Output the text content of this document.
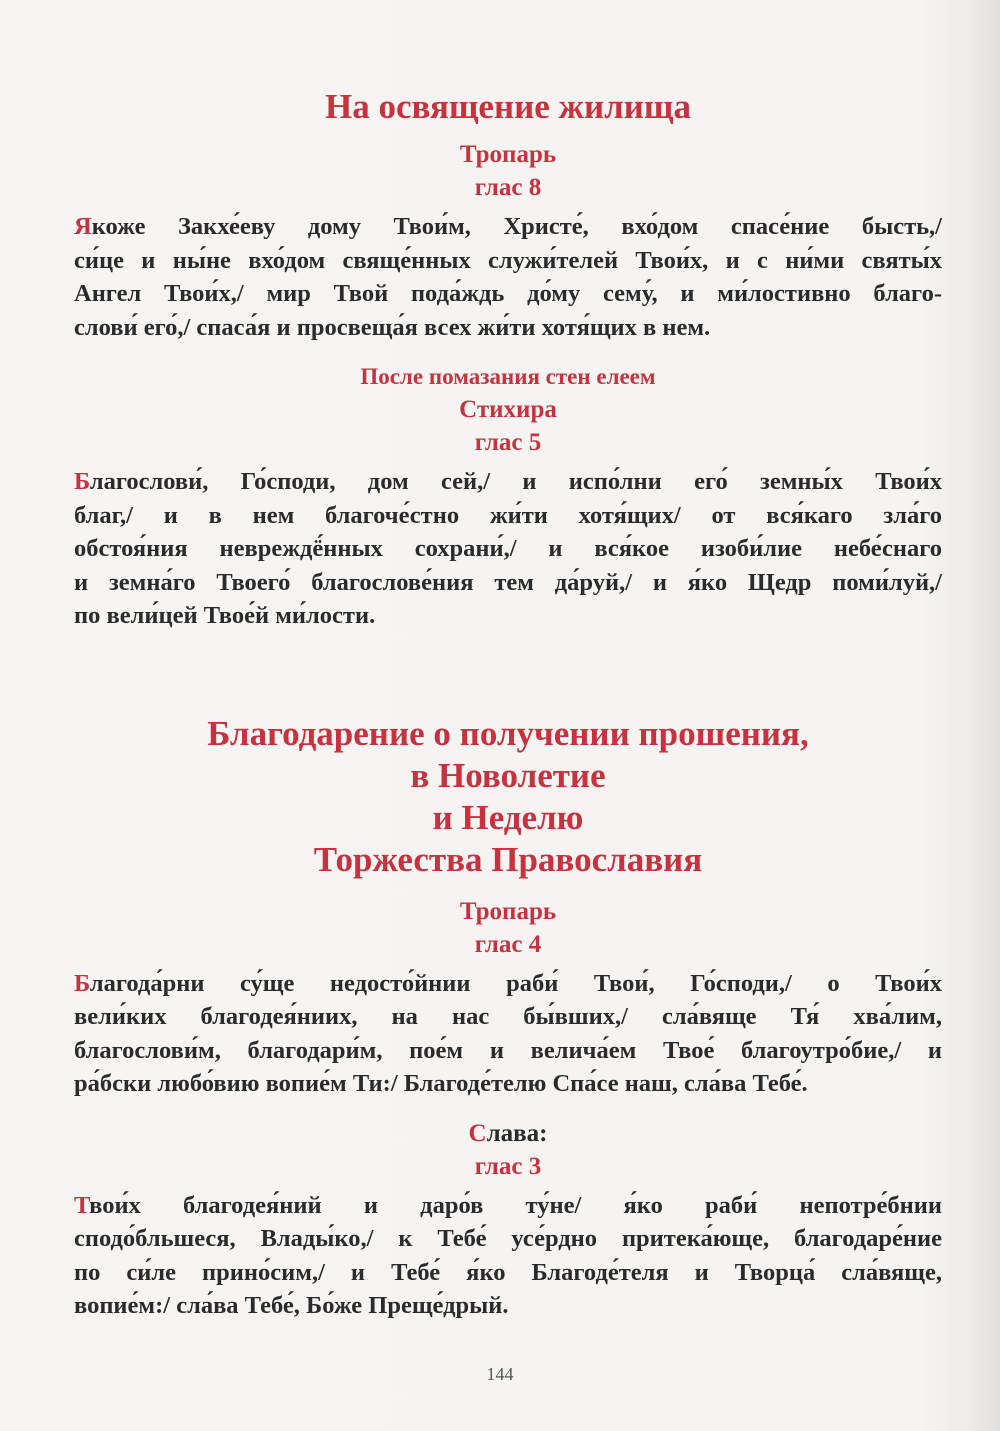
На освящение жилища

Тропарь

глас 8

Якоже Закхе́еву дому Твои́м, Христе́, вхо́дом спасе́ние бысть,/
си́це и ны́не вхо́дом свяще́нных служи́телей Твои́х, и с ни́ми святы́х
Ангел Твои́х,/ мир Твой пода́ждь до́му сему́, и ми́лостивно благо-
слови́ его́,/ спаса́я и просвеща́я всех жи́ти хотя́щих в нем.

После помазания стен елеем

Стихира

глас 5

Благослови́, Го́споди, дом сей,/ и испо́лни его́ земны́х Твои́х
благ,/ и в нем благоче́стно жи́ти хотя́щих/ от вся́каго зла́го
обстоя́ния невреждё́нных сохрани́,/ и вся́кое изоби́лие небе́снаго
и земна́го Твоего́ благослове́ния тем да́руй,/ и я́ко Щедр поми́луй,/
по вели́цей Твое́й ми́лости.
Благодарение о получении прошения,
в Новолетие
и Неделю
Торжества Православия

Тропарь

глас 4

Благода́рни су́ще недосто́йнии раби́ Твои́, Го́споди,/ о Твои́х
вели́ких благодея́ниих, на нас бы́вших,/ сла́вяще Тя́ хва́лим,
благослови́м, благодари́м, пое́м и велича́ем Твое́ благоутро́бие,/ и
ра́бски любо́вию вопие́м Ти:/ Благоде́телю Спа́се наш, сла́ва Тебе́.

Слава:

глас 3

Твои́х благодея́ний и даро́в ту́не/ я́ко раби́ непотре́бнии
сподо́бльшеся, Влады́ко,/ к Тебе́ усе́рдно притека́юще, благодаре́ние
по си́ле прино́сим,/ и Тебе́ я́ко Благоде́теля и Творца́ сла́вяще,
вопие́м:/ сла́ва Тебе́, Бо́же Преще́дрый.
144
